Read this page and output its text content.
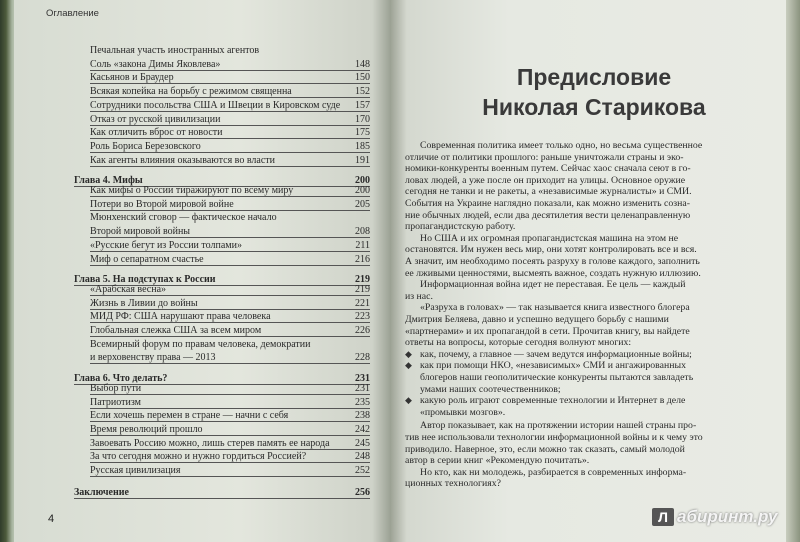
Оглавление
Печальная участь иностранных агентов
Соль «закона Димы Яковлева»	148
Касьянов и Браудер	150
Всякая копейка на борьбу с режимом священна	152
Сотрудники посольства США и Швеции в Кировском суде 157
Отказ от русской цивилизации	170
Как отличить вброс от новости	175
Роль Бориса Березовского	185
Как агенты влияния оказываются во власти	191
Глава 4. Мифы	200
Как мифы о России тиражируют по всему миру	200
Потери во Второй мировой войне	205
Мюнхенский сговор — фактическое начало
Второй мировой войны	208
«Русские бегут из России толпами»	211
Миф о сепаратном счастье	216
Глава 5. На подступах к России	219
«Арабская весна»	219
Жизнь в Ливии до войны	221
МИД РФ: США нарушают права человека	223
Глобальная слежка США за всем миром	226
Всемирный форум по правам человека, демократии
и верховенству права — 2013	228
Глава 6. Что делать?	231
Выбор пути	231
Патриотизм	235
Если хочешь перемен в стране — начни с себя	238
Время революций прошло	242
Завоевать Россию можно, лишь стерев память ее народа	245
За что сегодня можно и нужно гордиться Россией?	248
Русская цивилизация	252
Заключение	256
4
Предисловие
Николая Старикова
Современная политика имеет только одно, но весьма существенное
отличие от политики прошлого: раньше уничтожали страны и эко-
номики-конкуренты военным путем. Сейчас хаос сначала сеют в го-
ловах людей, а уже после он приходит на улицы. Основное оружие
сегодня не танки и не ракеты, а «независимые журналисты» и СМИ.
События на Украине наглядно показали, как можно изменить созна-
ние обычных людей, если два десятилетия вести целенаправленную
пропагандистскую работу.
Но США и их огромная пропагандистская машина на этом не
остановятся. Им нужен весь мир, они хотят контролировать все и вся.
А значит, им необходимо посеять разруху в голове каждого, заполнить
ее лживыми ценностями, высмеять важное, создать нужную иллюзию.
Информационная война идет не переставая. Ее цель — каждый
из нас.
«Разруха в головах» — так называется книга известного блогера
Дмитрия Беляева, давно и успешно ведущего борьбу с нашими
«партнерами» и их пропагандой в сети. Прочитав книгу, вы найдете
ответы на вопросы, которые сегодня волнуют многих:
◆ как, почему, а главное — зачем ведутся информационные войны;
◆ как при помощи НКО, «независимых» СМИ и ангажированных
блогеров наши геополитические конкуренты пытаются завладеть
умами наших соотечественников;
◆ какую роль играют современные технологии и Интернет в деле
«промывки мозгов».
Автор показывает, как на протяжении истории нашей страны про-
тив нее использовали технологии информационной войны и к чему это
приводило. Наверное, это, если можно так сказать, самый молодой
автор в серии книг «Рекомендую почитать».
Но кто, как ни молодежь, разбирается в современных информа-
ционных технологиях?
Л абиринт.ру
